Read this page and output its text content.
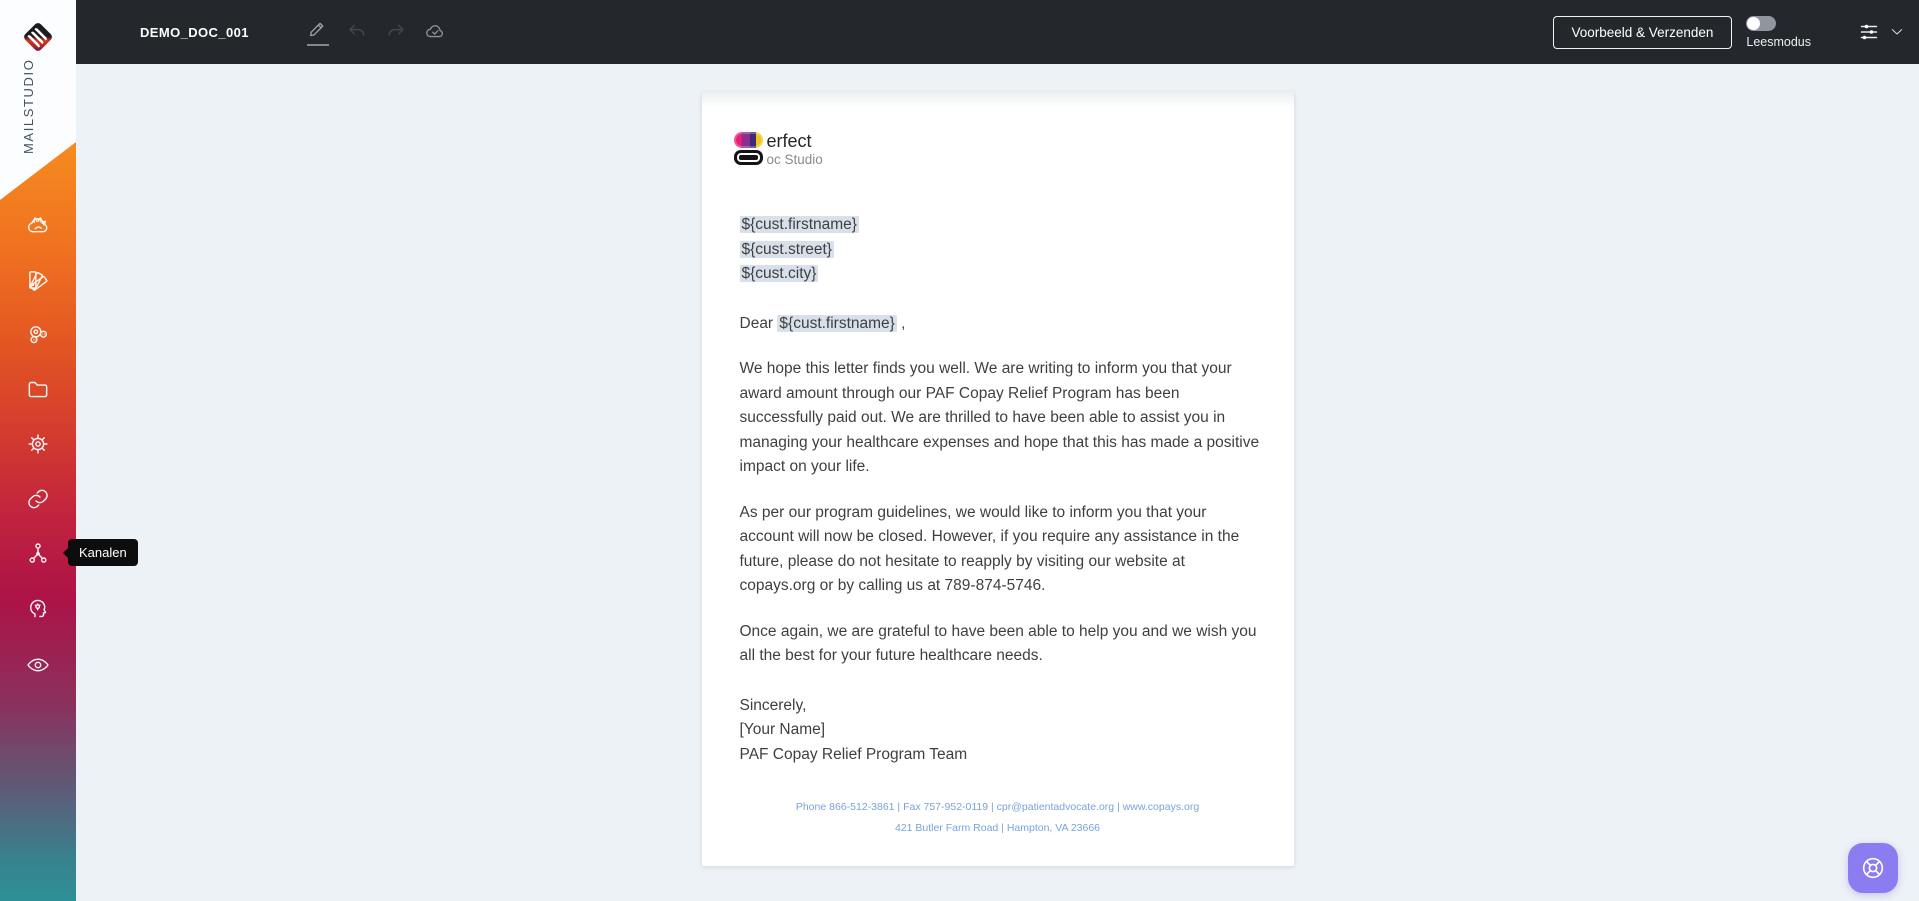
MAILSTUDIO
H
H
Kanalen
DEMO_DOC_001	Voorbeeld & Verzenden
Leesmodus
erfect
oc Studio
${cust.firstname}
${cust.street}
${cust.city}
Dear ${cust.firstname} ,
We hope this letter finds you well. We are writing to inform you that your award amount through our PAF Copay Relief Program has been successfully paid out. We are thrilled to have been able to assist you in managing your healthcare expenses and hope that this has made a positive impact on your life.
As per our program guidelines, we would like to inform you that your account will now be closed. However, if you require any assistance in the future, please do not hesitate to reapply by visiting our website at copays.org or by calling us at 789-874-5746.
Once again, we are grateful to have been able to help you and we wish you all the best for your future healthcare needs.
Sincerely,
[Your Name]
PAF Copay Relief Program Team
Phone 866-512-3861 | Fax 757-952-0119 | cpr@patientadvocate.org | www.copays.org
421 Butler Farm Road | Hampton, VA 23666
